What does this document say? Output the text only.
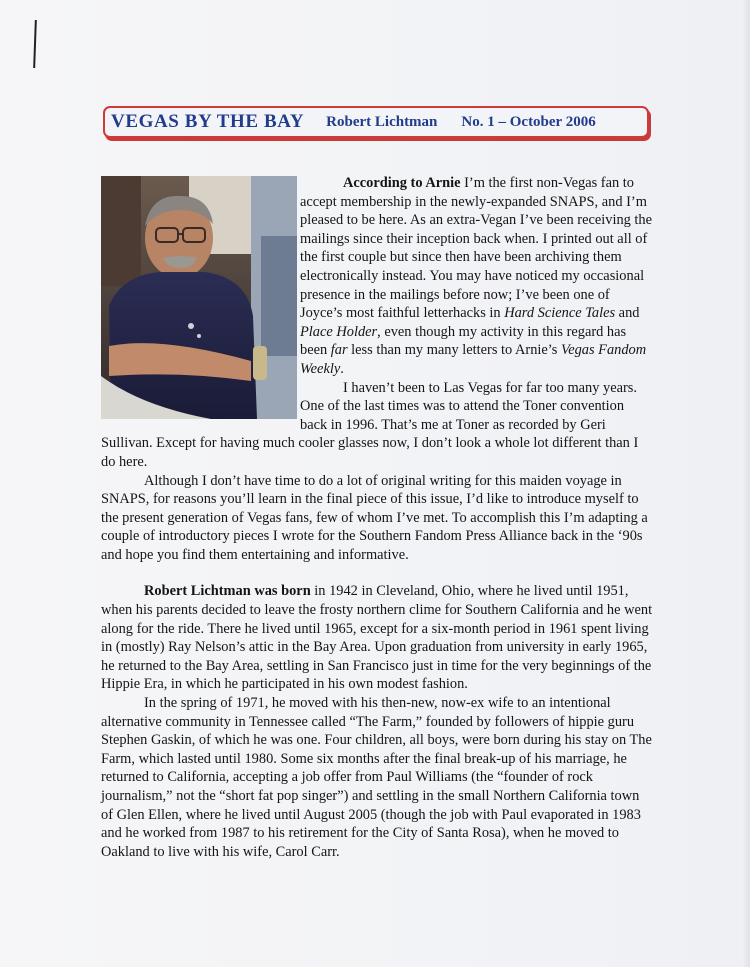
VEGAS BY THE BAY Robert Lichtman No. 1 – October 2006

According to Arnie I’m the first non-Vegas fan to accept membership in the newly-expanded SNAPS, and I’m pleased to be here. As an extra-Vegan I’ve been receiving the mailings since their inception back when. I printed out all of the first couple but since then have been archiving them electronically instead. You may have noticed my occasional presence in the mailings before now; I’ve been one of Joyce’s most faithful letterhacks in Hard Science Tales and Place Holder, even though my activity in this regard has been far less than my many letters to Arnie’s Vegas Fandom Weekly.

I haven’t been to Las Vegas for far too many years. One of the last times was to attend the Toner convention back in 1996. That’s me at Toner as recorded by Geri Sullivan. Except for having much cooler glasses now, I don’t look a whole lot different than I do here.

Although I don’t have time to do a lot of original writing for this maiden voyage in SNAPS, for reasons you’ll learn in the final piece of this issue, I’d like to introduce myself to the present generation of Vegas fans, few of whom I’ve met. To accomplish this I’m adapting a couple of introductory pieces I wrote for the Southern Fandom Press Alliance back in the ‘90s and hope you find them entertaining and informative.

Robert Lichtman was born in 1942 in Cleveland, Ohio, where he lived until 1951, when his parents decided to leave the frosty northern clime for Southern California and he went along for the ride. There he lived until 1965, except for a six-month period in 1961 spent living in (mostly) Ray Nelson’s attic in the Bay Area. Upon graduation from university in early 1965, he returned to the Bay Area, settling in San Francisco just in time for the very beginnings of the Hippie Era, in which he participated in his own modest fashion.

In the spring of 1971, he moved with his then-new, now-ex wife to an intentional alternative community in Tennessee called “The Farm,” founded by followers of hippie guru Stephen Gaskin, of which he was one. Four children, all boys, were born during his stay on The Farm, which lasted until 1980. Some six months after the final break-up of his marriage, he returned to California, accepting a job offer from Paul Williams (the “founder of rock journalism,” not the “short fat pop singer”) and settling in the small Northern California town of Glen Ellen, where he lived until August 2005 (though the job with Paul evaporated in 1983 and he worked from 1987 to his retirement for the City of Santa Rosa), when he moved to Oakland to live with his wife, Carol Carr.
